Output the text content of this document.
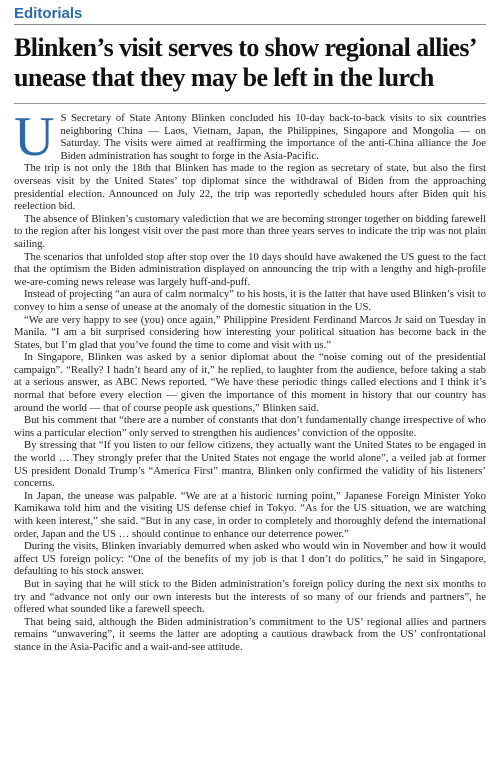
Editorials
Blinken’s visit serves to show regional allies’ unease that they may be left in the lurch

U S Secretary of State Antony Blinken concluded his 10-day back-to-back visits to six countries neighboring China — Laos, Vietnam, Japan, the Philippines, Singapore and Mongolia — on Saturday. The visits were aimed at reaffirming the importance of the anti-China alliance the Joe Biden administration has sought to forge in the Asia-Pacific.

The trip is not only the 18th that Blinken has made to the region as secretary of state, but also the first overseas visit by the United States’ top diplomat since the withdrawal of Biden from the approaching presidential election. Announced on July 22, the trip was reportedly scheduled hours after Biden quit his reelection bid.

The absence of Blinken’s customary valediction that we are becoming stronger together on bidding farewell to the region after his longest visit over the past more than three years serves to indicate the trip was not plain sailing.

The scenarios that unfolded stop after stop over the 10 days should have awakened the US guest to the fact that the optimism the Biden administration displayed on announcing the trip with a lengthy and high-profile we-are-coming news release was largely huff-and-puff.

Instead of projecting “an aura of calm normalcy” to his hosts, it is the latter that have used Blinken’s visit to convey to him a sense of unease at the anomaly of the domestic situation in the US.

“We are very happy to see (you) once again,” Philippine President Ferdinand Marcos Jr said on Tuesday in Manila. “I am a bit surprised considering how interesting your political situation has become back in the States, but I’m glad that you’ve found the time to come and visit with us.”

In Singapore, Blinken was asked by a senior diplomat about the “noise coming out of the presidential campaign”. “Really? I hadn’t heard any of it,” he replied, to laughter from the audience, before taking a stab at a serious answer, as ABC News reported. “We have these periodic things called elections and I think it’s normal that before every election — given the importance of this moment in history that our country has around the world — that of course people ask questions,” Blinken said.

But his comment that “there are a number of constants that don’t fundamentally change irrespective of who wins a particular election” only served to strengthen his audiences’ conviction of the opposite.

By stressing that “If you listen to our fellow citizens, they actually want the United States to be engaged in the world … They strongly prefer that the United States not engage the world alone”, a veiled jab at former US president Donald Trump’s “America First” mantra, Blinken only confirmed the validity of his listeners’ concerns.

In Japan, the unease was palpable. “We are at a historic turning point,” Japanese Foreign Minister Yoko Kamikawa told him and the visiting US defense chief in Tokyo. “As for the US situation, we are watching with keen interest,” she said. “But in any case, in order to completely and thoroughly defend the international order, Japan and the US … should continue to enhance our deterrence power.”

During the visits, Blinken invariably demurred when asked who would win in November and how it would affect US foreign policy: “One of the benefits of my job is that I don’t do politics,” he said in Singapore, defaulting to his stock answer.

But in saying that he will stick to the Biden administration’s foreign policy during the next six months to try and “advance not only our own interests but the interests of so many of our friends and partners”, he offered what sounded like a farewell speech.

That being said, although the Biden administration’s commitment to the US’ regional allies and partners remains “unwavering”, it seems the latter are adopting a cautious drawback from the US’ confrontational stance in the Asia-Pacific and a wait-and-see attitude.
